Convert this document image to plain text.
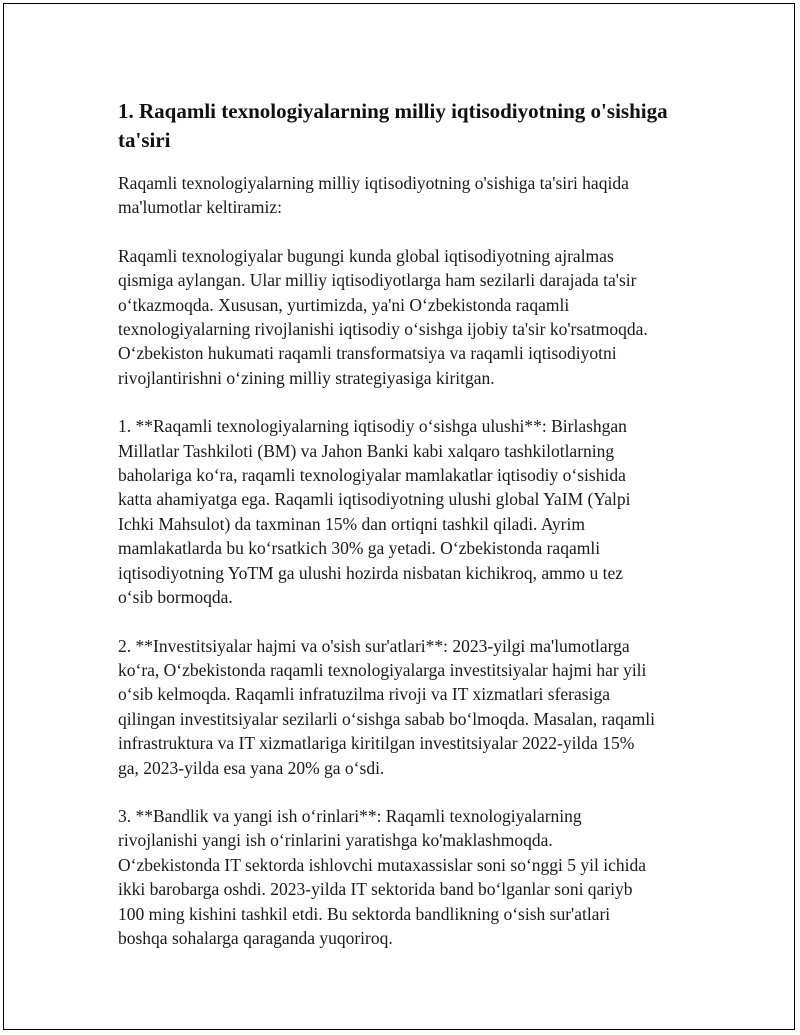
1. Raqamli texnologiyalarning milliy iqtisodiyotning o'sishiga ta'siri

Raqamli texnologiyalarning milliy iqtisodiyotning o'sishiga ta'siri haqida
ma'lumotlar keltiramiz:

Raqamli texnologiyalar bugungi kunda global iqtisodiyotning ajralmas
qismiga aylangan. Ular milliy iqtisodiyotlarga ham sezilarli darajada ta'sir
o‘tkazmoqda. Xususan, yurtimizda, ya'ni O‘zbekistonda raqamli
texnologiyalarning rivojlanishi iqtisodiy o‘sishga ijobiy ta'sir ko'rsatmoqda.
O‘zbekiston hukumati raqamli transformatsiya va raqamli iqtisodiyotni
rivojlantirishni o‘zining milliy strategiyasiga kiritgan.

1. **Raqamli texnologiyalarning iqtisodiy o‘sishga ulushi**: Birlashgan
Millatlar Tashkiloti (BM) va Jahon Banki kabi xalqaro tashkilotlarning
baholariga ko‘ra, raqamli texnologiyalar mamlakatlar iqtisodiy o‘sishida
katta ahamiyatga ega. Raqamli iqtisodiyotning ulushi global YaIM (Yalpi
Ichki Mahsulot) da taxminan 15% dan ortiqni tashkil qiladi. Ayrim
mamlakatlarda bu ko‘rsatkich 30% ga yetadi. O‘zbekistonda raqamli
iqtisodiyotning YoTM ga ulushi hozirda nisbatan kichikroq, ammo u tez
o‘sib bormoqda.

2. **Investitsiyalar hajmi va o'sish sur'atlari**: 2023-yilgi ma'lumotlarga
ko‘ra, O‘zbekistonda raqamli texnologiyalarga investitsiyalar hajmi har yili
o‘sib kelmoqda. Raqamli infratuzilma rivoji va IT xizmatlari sferasiga
qilingan investitsiyalar sezilarli o‘sishga sabab bo‘lmoqda. Masalan, raqamli
infrastruktura va IT xizmatlariga kiritilgan investitsiyalar 2022-yilda 15%
ga, 2023-yilda esa yana 20% ga o‘sdi.

3. **Bandlik va yangi ish o‘rinlari**: Raqamli texnologiyalarning
rivojlanishi yangi ish o‘rinlarini yaratishga ko'maklashmoqda.
O‘zbekistonda IT sektorda ishlovchi mutaxassislar soni so‘nggi 5 yil ichida
ikki barobarga oshdi. 2023-yilda IT sektorida band bo‘lganlar soni qariyb
100 ming kishini tashkil etdi. Bu sektorda bandlikning o‘sish sur'atlari
boshqa sohalarga qaraganda yuqoriroq.
